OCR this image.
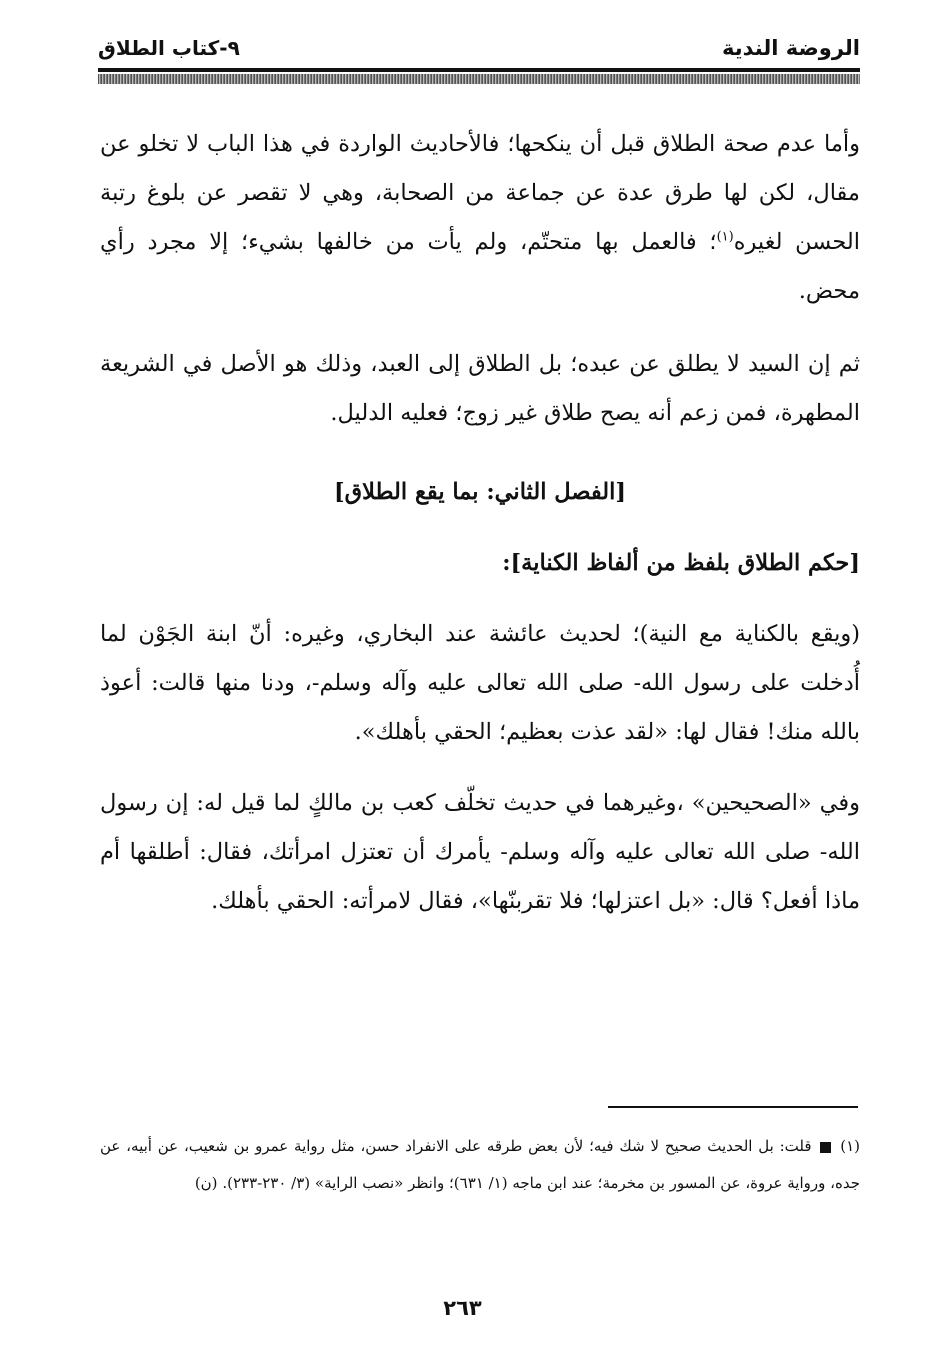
الروضة الندية
٩-كتاب الطلاق

وأما عدم صحة الطلاق قبل أن ينكحها؛ فالأحاديث الواردة في هذا الباب لا تخلو عن مقال، لكن لها طرق عدة عن جماعة من الصحابة، وهي لا تقصر عن بلوغ رتبة الحسن لغيره$^{(١)}$؛ فالعمل بها متحتّم، ولم يأت من خالفها بشيء؛ إلا مجرد رأي محض.

ثم إن السيد لا يطلق عن عبده؛ بل الطلاق إلى العبد، وذلك هو الأصل في الشريعة المطهرة، فمن زعم أنه يصح طلاق غير زوج؛ فعليه الدليل.

[الفصل الثاني: بما يقع الطلاق]

[حكم الطلاق بلفظ من ألفاظ الكناية]:

(ويقع بالكناية مع النية)؛ لحديث عائشة عند البخاري، وغيره: أنّ ابنة الجَوْن لما أُدخلت على رسول الله- صلى الله تعالى عليه وآله وسلم-، ودنا منها قالت: أعوذ بالله منك! فقال لها: «لقد عذت بعظيم؛ الحقي بأهلك».

وفي «الصحيحين» ،وغيرهما في حديث تخلّف كعب بن مالكٍ لما قيل له: إن رسول الله- صلى الله تعالى عليه وآله وسلم- يأمرك أن تعتزل امرأتك، فقال: أطلقها أم ماذا أفعل؟ قال: «بل اعتزلها؛ فلا تقربنّها»، فقال لامرأته: الحقي بأهلك.

(١)  قلت: بل الحديث صحيح لا شك فيه؛ لأن بعض طرقه على الانفراد حسن، مثل رواية عمرو بن شعيب، عن أبيه، عن جده، ورواية عروة، عن المسور بن مخرمة؛ عند ابن ماجه (١/ ٦٣١)؛ وانظر «نصب الراية» (٣/ ٢٣٠-٢٣٣). (ن)
٢٦٣
